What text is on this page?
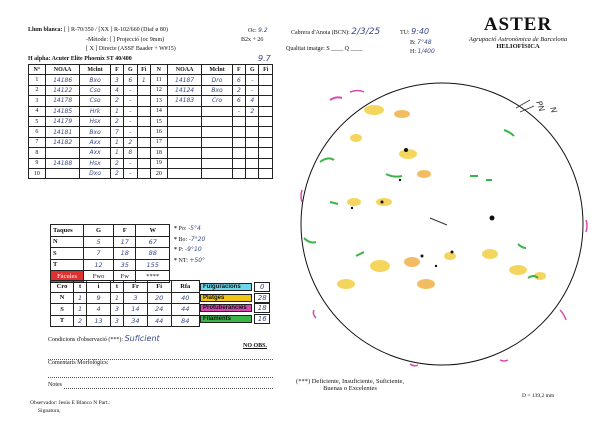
Llum blanca: [ ] R-70/350 / [XX ] R-102/660 (Diaf ø 80)
-Mètode: [ ] Projecció (oc 9mm)	B2x + 26
[ X ] Directe (ASSF Baader + W#15)
Oc: 9.2	Cabrera d'Anoia (BCN): 2/3/25	TU: 9:40
Qualitat imatge: S ____ Q ____
B: 7°48
H: 1/400
ASTER
Agrupació Astronòmica de Barcelona
HELIOFÍSICA
H alpha: Acuter Elite Phoenix ST 40/400	9.7
N°	NOAA	Mclnt	F	G	Fi	N	NOAA	Mclnt	F	G	Fi
1	14186	Bxo	3	6	1	11	14187	Dro	6	-	
2	14122	Cso	4	-		12	14124	Bxo	2	-	
3	14178	Cso	2	-		13	14183	Cro	6	4	
4	14185	Hrk	1	-		14			-	2	
5	14179	Hsx	2	-		15					
6	14181	Bxo	7	-		16					
7	14182	Axx	1	2		17					
8		Axx	1	8		18					
9	14188	Hsx	2	-		19					
10		Dxo	2	-		20					
Taques	G	F	W
N	5	17	67
S	7	18	88
T	12	35	155
Fàcules	Fwo	Fw	****
* Po: -5°4
* Bo: -7°20
* P: -9°10
* NT: +50°
Cro	t	i	t	Fr	Fi	Rfa
N	1	9	1	3	20	40
S	1	4	3	14	24	44
T	2	13	3	34	44	84
Fulguracions	0
Platges	28
Protuberàncies	18
Filaments	16
Condicions d'observació (***): Suficient
NO OBS.
Comentaris Morfològics:
Notes
Observador: Jesús E Blanco N Part.:
Signatura,
(***) Deficiente, Insuficiente, Suficiente,
Buenas o Excelentes
D = 139,2 mm
PN N
